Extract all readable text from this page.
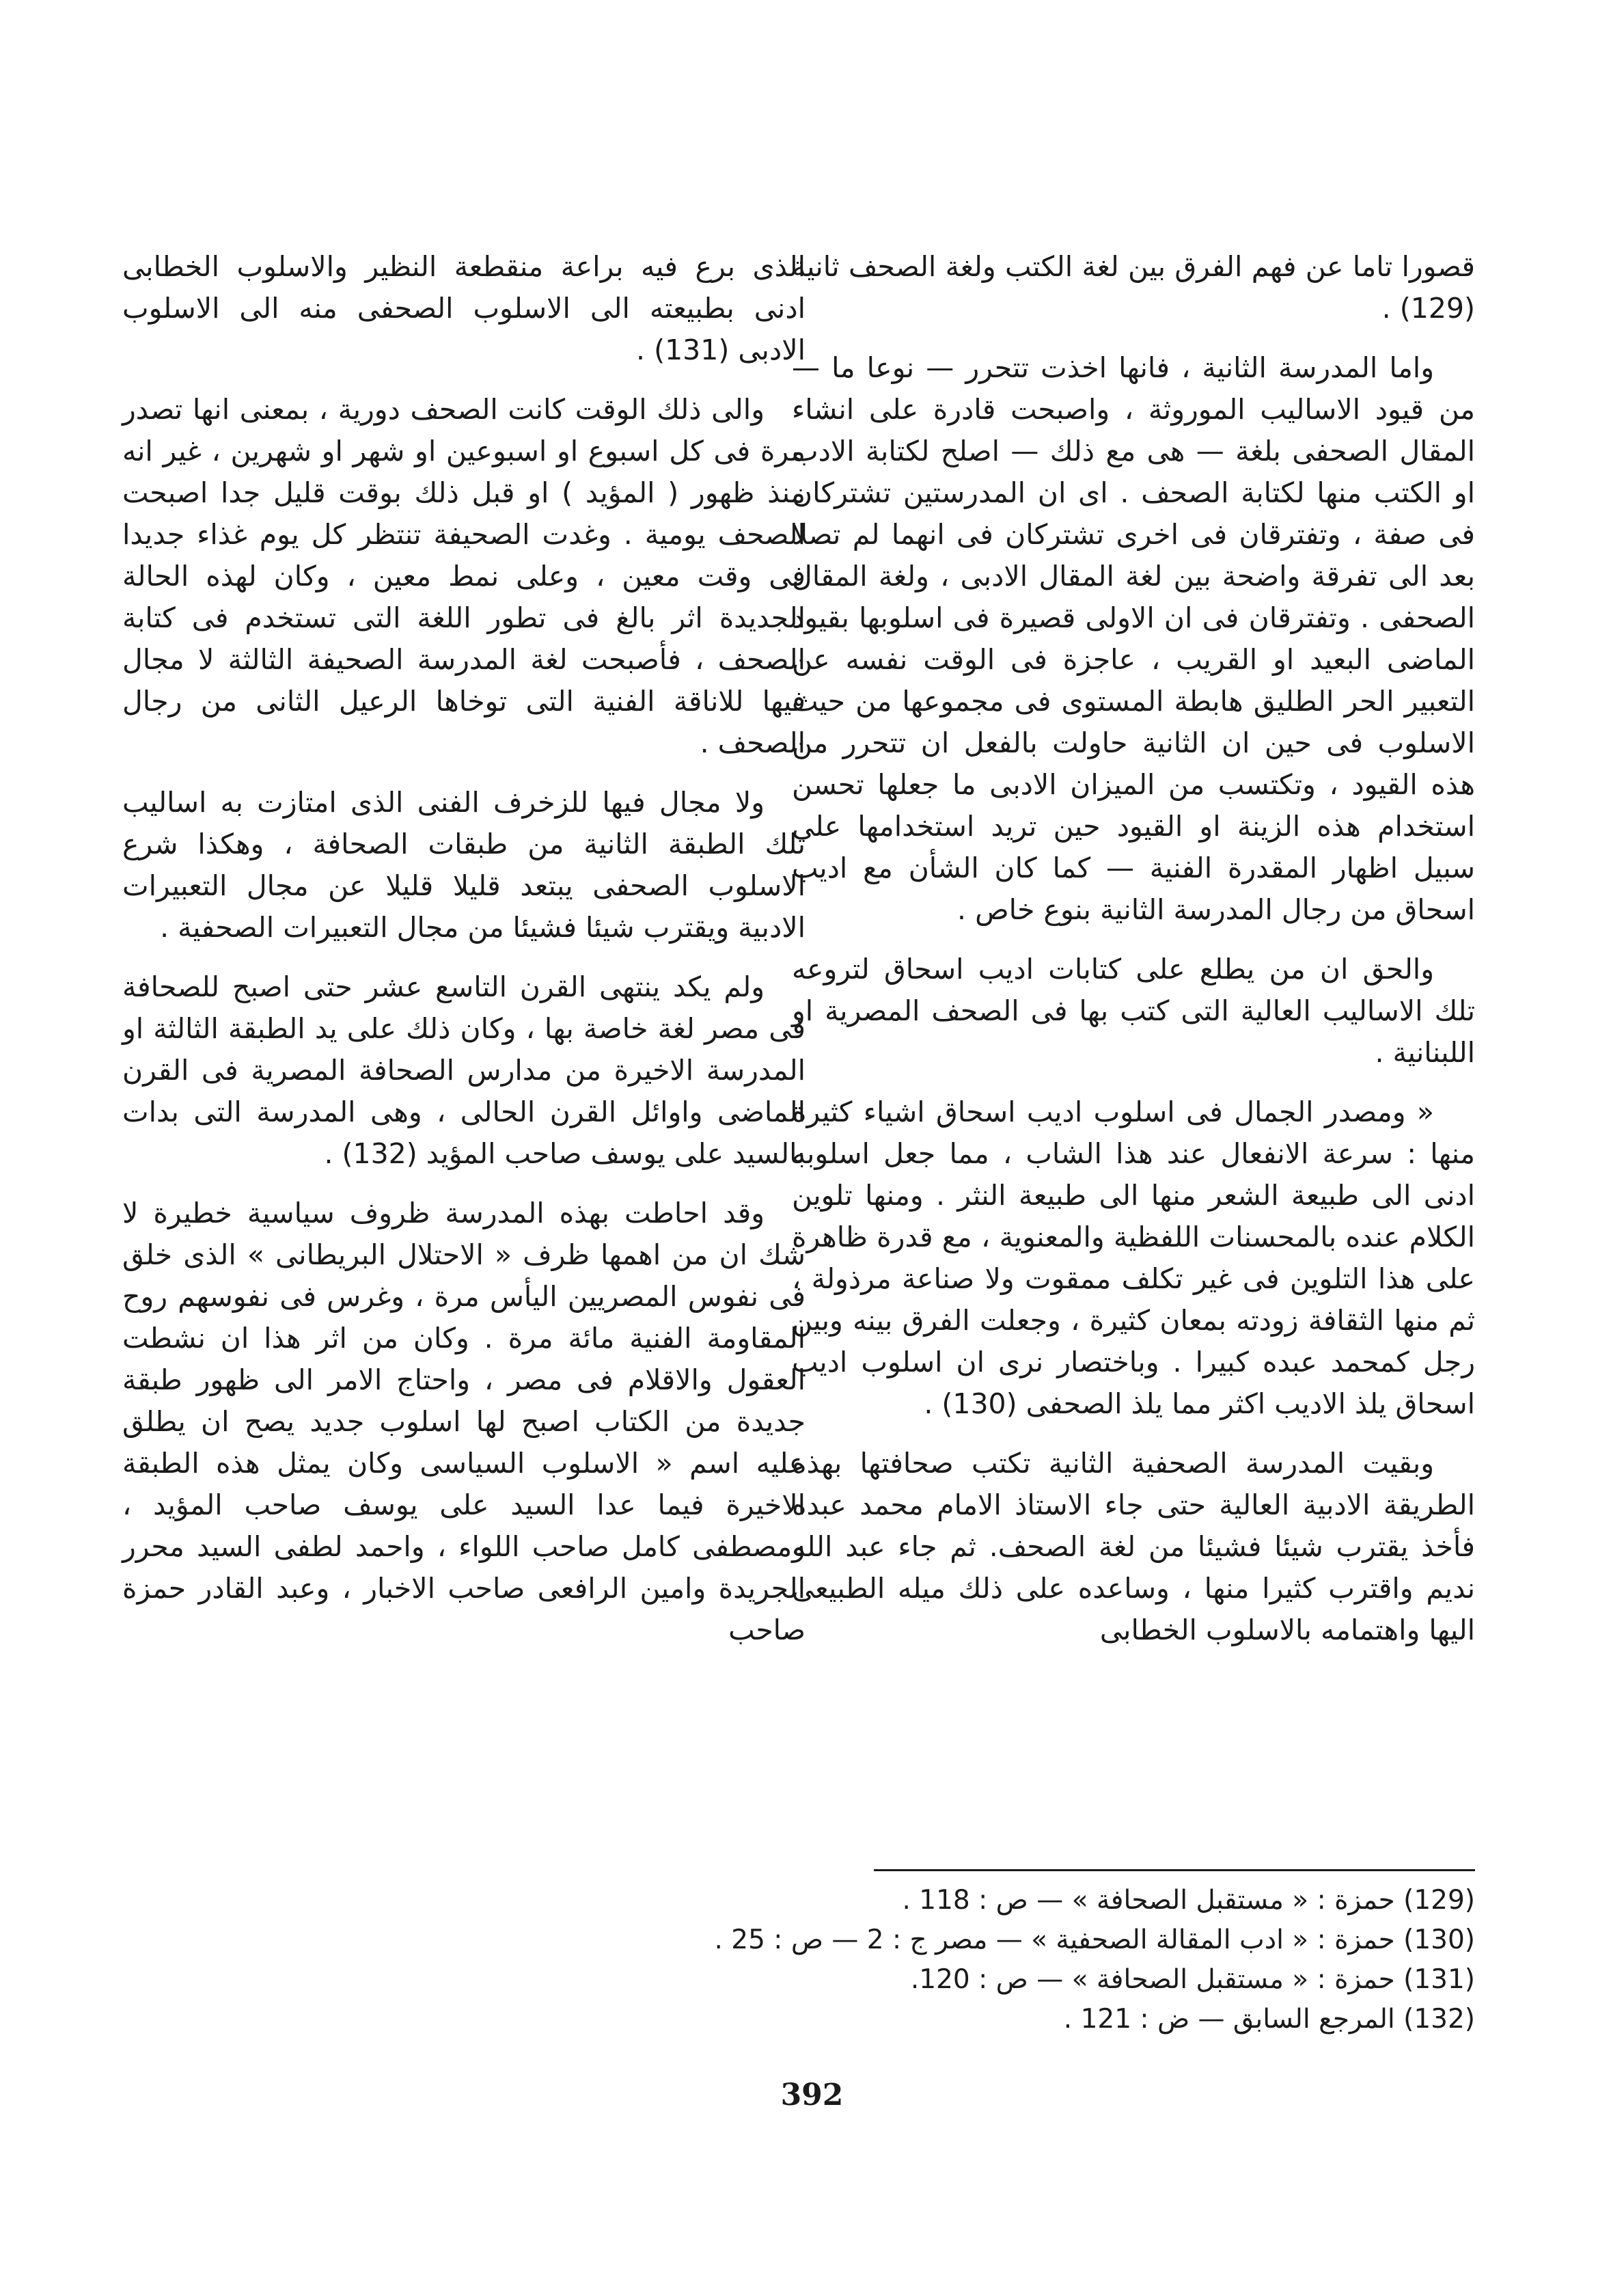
قصورا تاما عن فهم الفرق بين لغة الكتب ولغة الصحف ثانية (129) .

واما المدرسة الثانية ، فانها اخذت تتحرر — نوعا ما — من قيود الاساليب الموروثة ، واصبحت قادرة على انشاء المقال الصحفى بلغة — هى مع ذلك — اصلح لكتابة الادب او الكتب منها لكتابة الصحف . اى ان المدرستين تشتركان فى صفة ، وتفترقان فى اخرى تشتركان فى انهما لم تصلا بعد الى تفرقة واضحة بين لغة المقال الادبى ، ولغة المقال الصحفى . وتفترقان فى ان الاولى قصيرة فى اسلوبها بقيود الماضى البعيد او القريب ، عاجزة فى الوقت نفسه عن التعبير الحر الطليق هابطة المستوى فى مجموعها من حيث الاسلوب فى حين ان الثانية حاولت بالفعل ان تتحرر من هذه القيود ، وتكتسب من الميزان الادبى ما جعلها تحسن استخدام هذه الزينة او القيود حين تريد استخدامها على سبيل اظهار المقدرة الفنية — كما كان الشأن مع اديب اسحاق من رجال المدرسة الثانية بنوع خاص .

والحق ان من يطلع على كتابات اديب اسحاق لتروعه تلك الاساليب العالية التى كتب بها فى الصحف المصرية او اللبنانية .

« ومصدر الجمال فى اسلوب اديب اسحاق اشياء كثيرة منها : سرعة الانفعال عند هذا الشاب ، مما جعل اسلوبه ادنى الى طبيعة الشعر منها الى طبيعة النثر . ومنها تلوين الكلام عنده بالمحسنات اللفظية والمعنوية ، مع قدرة ظاهرة على هذا التلوين فى غير تكلف ممقوت ولا صناعة مرذولة ، ثم منها الثقافة زودته بمعان كثيرة ، وجعلت الفرق بينه وبين رجل كمحمد عبده كبيرا . وباختصار نرى ان اسلوب اديب اسحاق يلذ الاديب اكثر مما يلذ الصحفى (130) .

وبقيت المدرسة الصحفية الثانية تكتب صحافتها بهذه الطريقة الادبية العالية حتى جاء الاستاذ الامام محمد عبده فأخذ يقترب شيئا فشيئا من لغة الصحف. ثم جاء عبد الله نديم واقترب كثيرا منها ، وساعده على ذلك ميله الطبيعى اليها واهتمامه بالاسلوب الخطابى

الذى برع فيه براعة منقطعة النظير والاسلوب الخطابى ادنى بطبيعته الى الاسلوب الصحفى منه الى الاسلوب الادبى (131) .

والى ذلك الوقت كانت الصحف دورية ، بمعنى انها تصدر مرة فى كل اسبوع او اسبوعين او شهر او شهرين ، غير انه منذ ظهور ( المؤيد ) او قبل ذلك بوقت قليل جدا اصبحت الصحف يومية . وغدت الصحيفة تنتظر كل يوم غذاء جديدا فى وقت معين ، وعلى نمط معين ، وكان لهذه الحالة الجديدة اثر بالغ فى تطور اللغة التى تستخدم فى كتابة الصحف ، فأصبحت لغة المدرسة الصحيفة الثالثة لا مجال فيها للاناقة الفنية التى توخاها الرعيل الثانى من رجال الصحف .

ولا مجال فيها للزخرف الفنى الذى امتازت به اساليب تلك الطبقة الثانية من طبقات الصحافة ، وهكذا شرع الاسلوب الصحفى يبتعد قليلا قليلا عن مجال التعبيرات الادبية ويقترب شيئا فشيئا من مجال التعبيرات الصحفية .

ولم يكد ينتهى القرن التاسع عشر حتى اصبح للصحافة فى مصر لغة خاصة بها ، وكان ذلك على يد الطبقة الثالثة او المدرسة الاخيرة من مدارس الصحافة المصرية فى القرن الماضى واوائل القرن الحالى ، وهى المدرسة التى بدات بالسيد على يوسف صاحب المؤيد (132) .

وقد احاطت بهذه المدرسة ظروف سياسية خطيرة لا شك ان من اهمها ظرف « الاحتلال البريطانى » الذى خلق فى نفوس المصريين اليأس مرة ، وغرس فى نفوسهم روح المقاومة الفنية مائة مرة . وكان من اثر هذا ان نشطت العقول والاقلام فى مصر ، واحتاج الامر الى ظهور طبقة جديدة من الكتاب اصبح لها اسلوب جديد يصح ان يطلق عليه اسم « الاسلوب السياسى وكان يمثل هذه الطبقة الاخيرة فيما عدا السيد على يوسف صاحب المؤيد ، ومصطفى كامل صاحب اللواء ، واحمد لطفى السيد محرر الجريدة وامين الرافعى صاحب الاخبار ، وعبد القادر حمزة صاحب

(129) حمزة : « مستقبل الصحافة » — ص : 118 .

(130) حمزة : « ادب المقالة الصحفية » — مصر ج : 2 — ص : 25 .

(131) حمزة : « مستقبل الصحافة » — ص : 120.

(132) المرجع السابق — ض : 121 .

392
